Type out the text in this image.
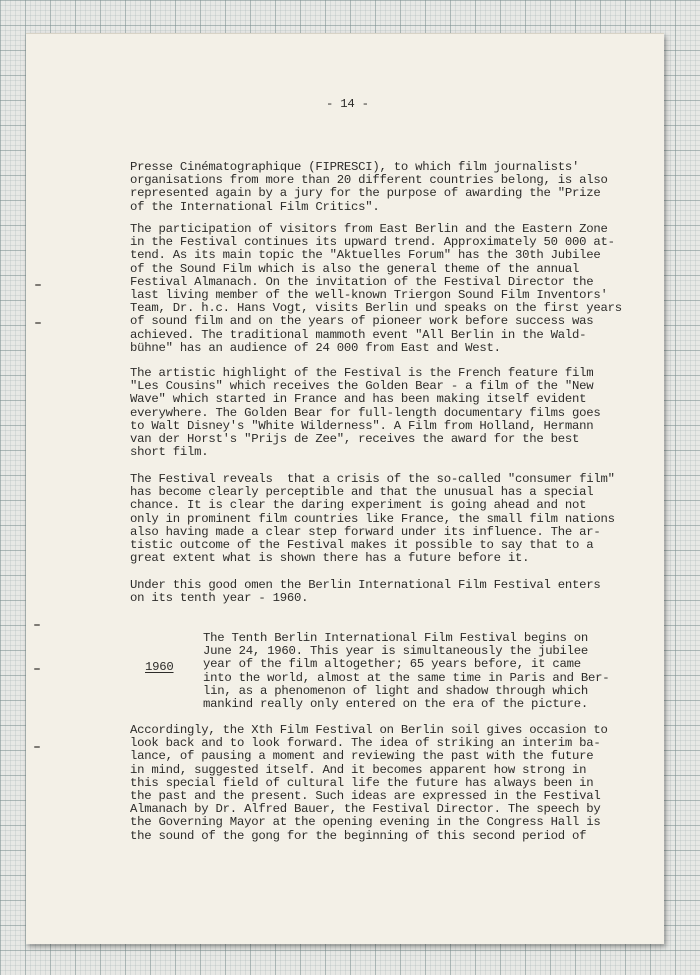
- 14 -

Presse Cinématographique (FIPRESCI), to which film journalists'
organisations from more than 20 different countries belong, is also
represented again by a jury for the purpose of awarding the "Prize
of the International Film Critics".

The participation of visitors from East Berlin and the Eastern Zone
in the Festival continues its upward trend. Approximately 50 000 at-
tend. As its main topic the "Aktuelles Forum" has the 30th Jubilee
of the Sound Film which is also the general theme of the annual
Festival Almanach. On the invitation of the Festival Director the
last living member of the well-known Triergon Sound Film Inventors'
Team, Dr. h.c. Hans Vogt, visits Berlin und speaks on the first years
of sound film and on the years of pioneer work before success was
achieved. The traditional mammoth event "All Berlin in the Wald-
bühne" has an audience of 24 000 from East and West.

The artistic highlight of the Festival is the French feature film
"Les Cousins" which receives the Golden Bear - a film of the "New
Wave" which started in France and has been making itself evident
everywhere. The Golden Bear for full-length documentary films goes
to Walt Disney's "White Wilderness". A Film from Holland, Hermann
van der Horst's "Prijs de Zee", receives the award for the best
short film.

The Festival reveals  that a crisis of the so-called "consumer film"
has become clearly perceptible and that the unusual has a special
chance. It is clear the daring experiment is going ahead and not
only in prominent film countries like France, the small film nations
also having made a clear step forward under its influence. The ar-
tistic outcome of the Festival makes it possible to say that to a
great extent what is shown there has a future before it.

Under this good omen the Berlin International Film Festival enters
on its tenth year - 1960.

1960

The Tenth Berlin International Film Festival begins on
June 24, 1960. This year is simultaneously the jubilee
year of the film altogether; 65 years before, it came
into the world, almost at the same time in Paris and Ber-
lin, as a phenomenon of light and shadow through which
mankind really only entered on the era of the picture.

Accordingly, the Xth Film Festival on Berlin soil gives occasion to
look back and to look forward. The idea of striking an interim ba-
lance, of pausing a moment and reviewing the past with the future
in mind, suggested itself. And it becomes apparent how strong in
this special field of cultural life the future has always been in
the past and the present. Such ideas are expressed in the Festival
Almanach by Dr. Alfred Bauer, the Festival Director. The speech by
the Governing Mayor at the opening evening in the Congress Hall is
the sound of the gong for the beginning of this second period of
